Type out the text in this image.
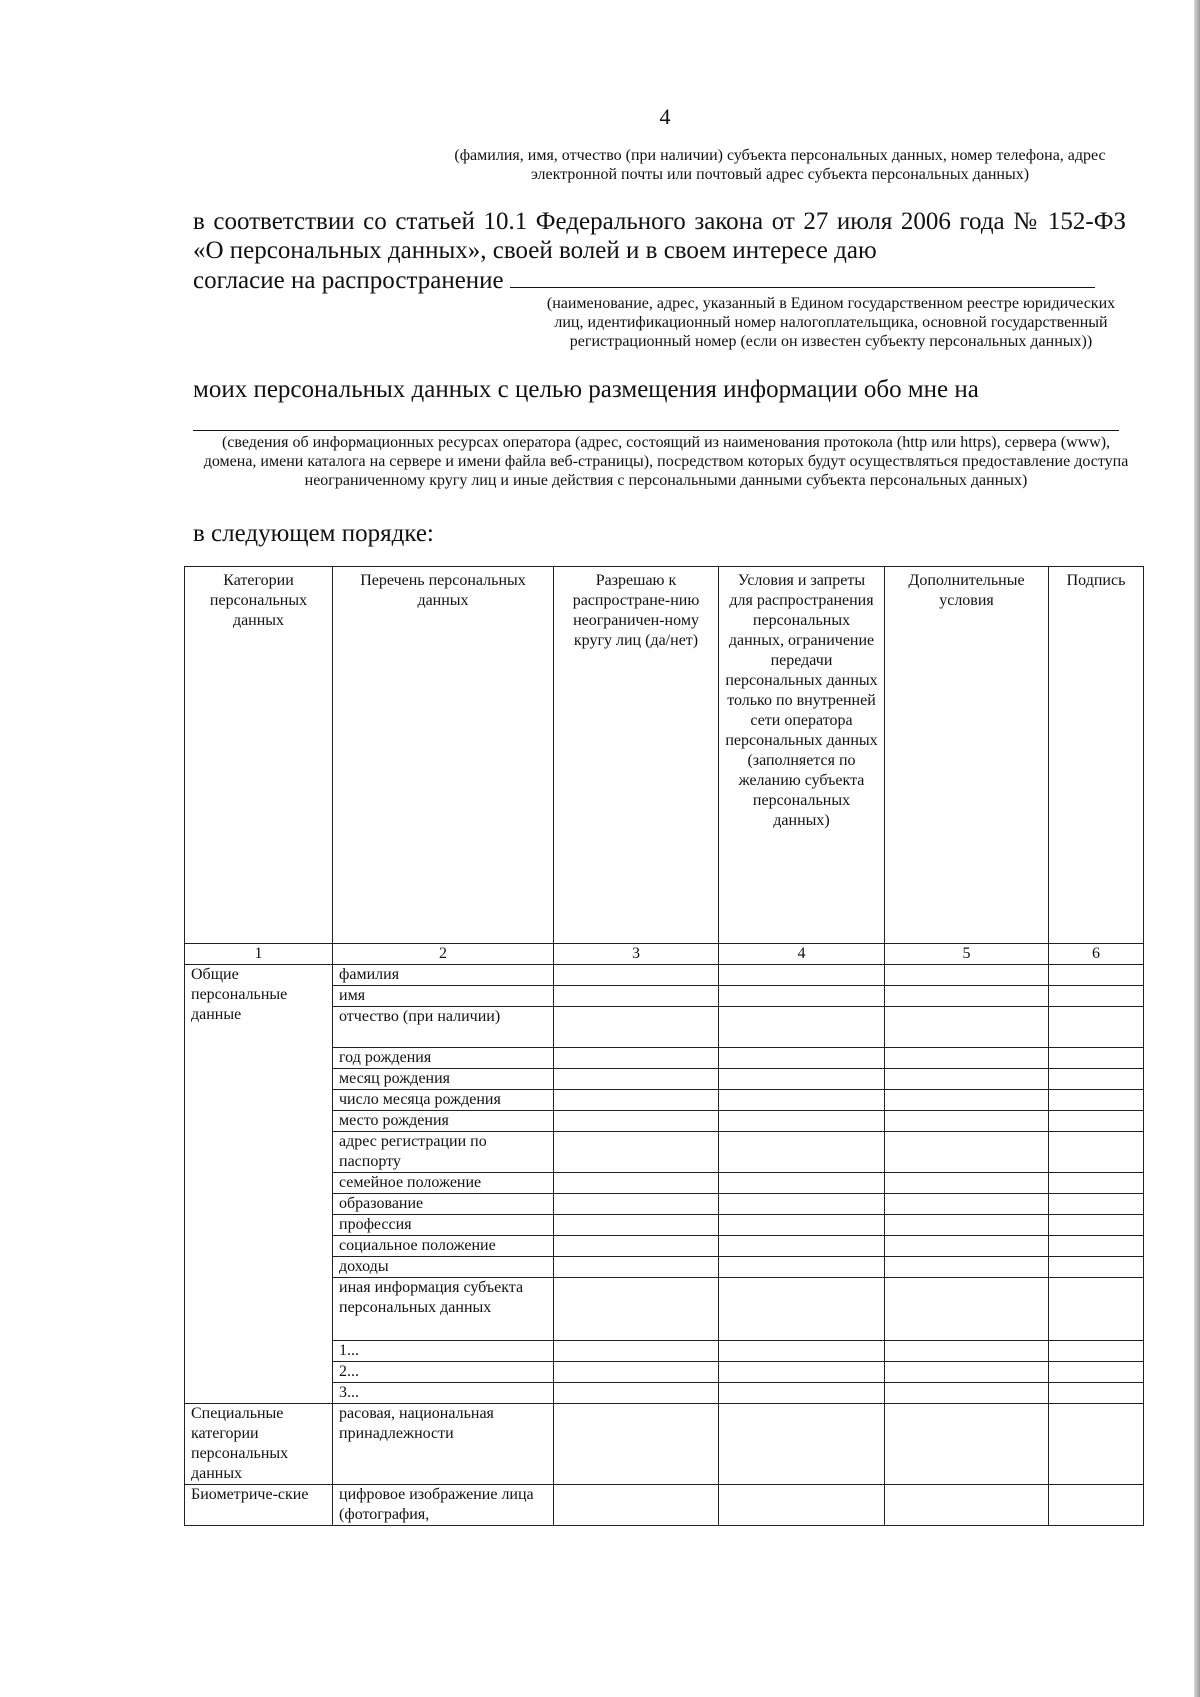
4
(фамилия, имя, отчество (при наличии) субъекта персональных данных, номер телефона, адрес электронной почты или почтовый адрес субъекта персональных данных)
в соответствии со статьей 10.1 Федерального закона от 27 июля 2006 года № 152-ФЗ «О персональных данных», своей волей и в своем интересе даю
согласие на распространение
(наименование, адрес, указанный в Едином государственном реестре юридических лиц, идентификационный номер налогоплательщика, основной государственный регистрационный номер (если он известен субъекту персональных данных))
моих персональных данных с целью размещения информации обо мне на
(сведения об информационных ресурсах оператора (адрес, состоящий из наименования протокола (http или https), сервера (www), домена, имени каталога на сервере и имени файла веб-страницы), посредством которых будут осуществляться предоставление доступа неограниченному кругу лиц и иные действия с персональными данными субъекта персональных данных)
в следующем порядке:
Категории персональных данных	Перечень персональных данных	Разрешаю к распростране-нию неограничен-ному кругу лиц (да/нет)	Условия и запреты для распространения персональных данных, ограничение передачи персональных данных только по внутренней сети оператора персональных данных (заполняется по желанию субъекта персональных данных)	Дополнительные условия	Подпись
1	2	3	4	5	6
Общие персональные данные	фамилия				
	имя				
	отчество (при наличии)				
	год рождения				
	месяц рождения				
	число месяца рождения				
	место рождения				
	адрес регистрации по паспорту				
	семейное положение				
	образование				
	профессия				
	социальное положение				
	доходы				
	иная информация субъекта персональных данных				
	1...				
	2...				
	3...				
Специальные категории персональных данных	расовая, национальная принадлежности				
Биометриче-ские	цифровое изображение лица (фотография,				
